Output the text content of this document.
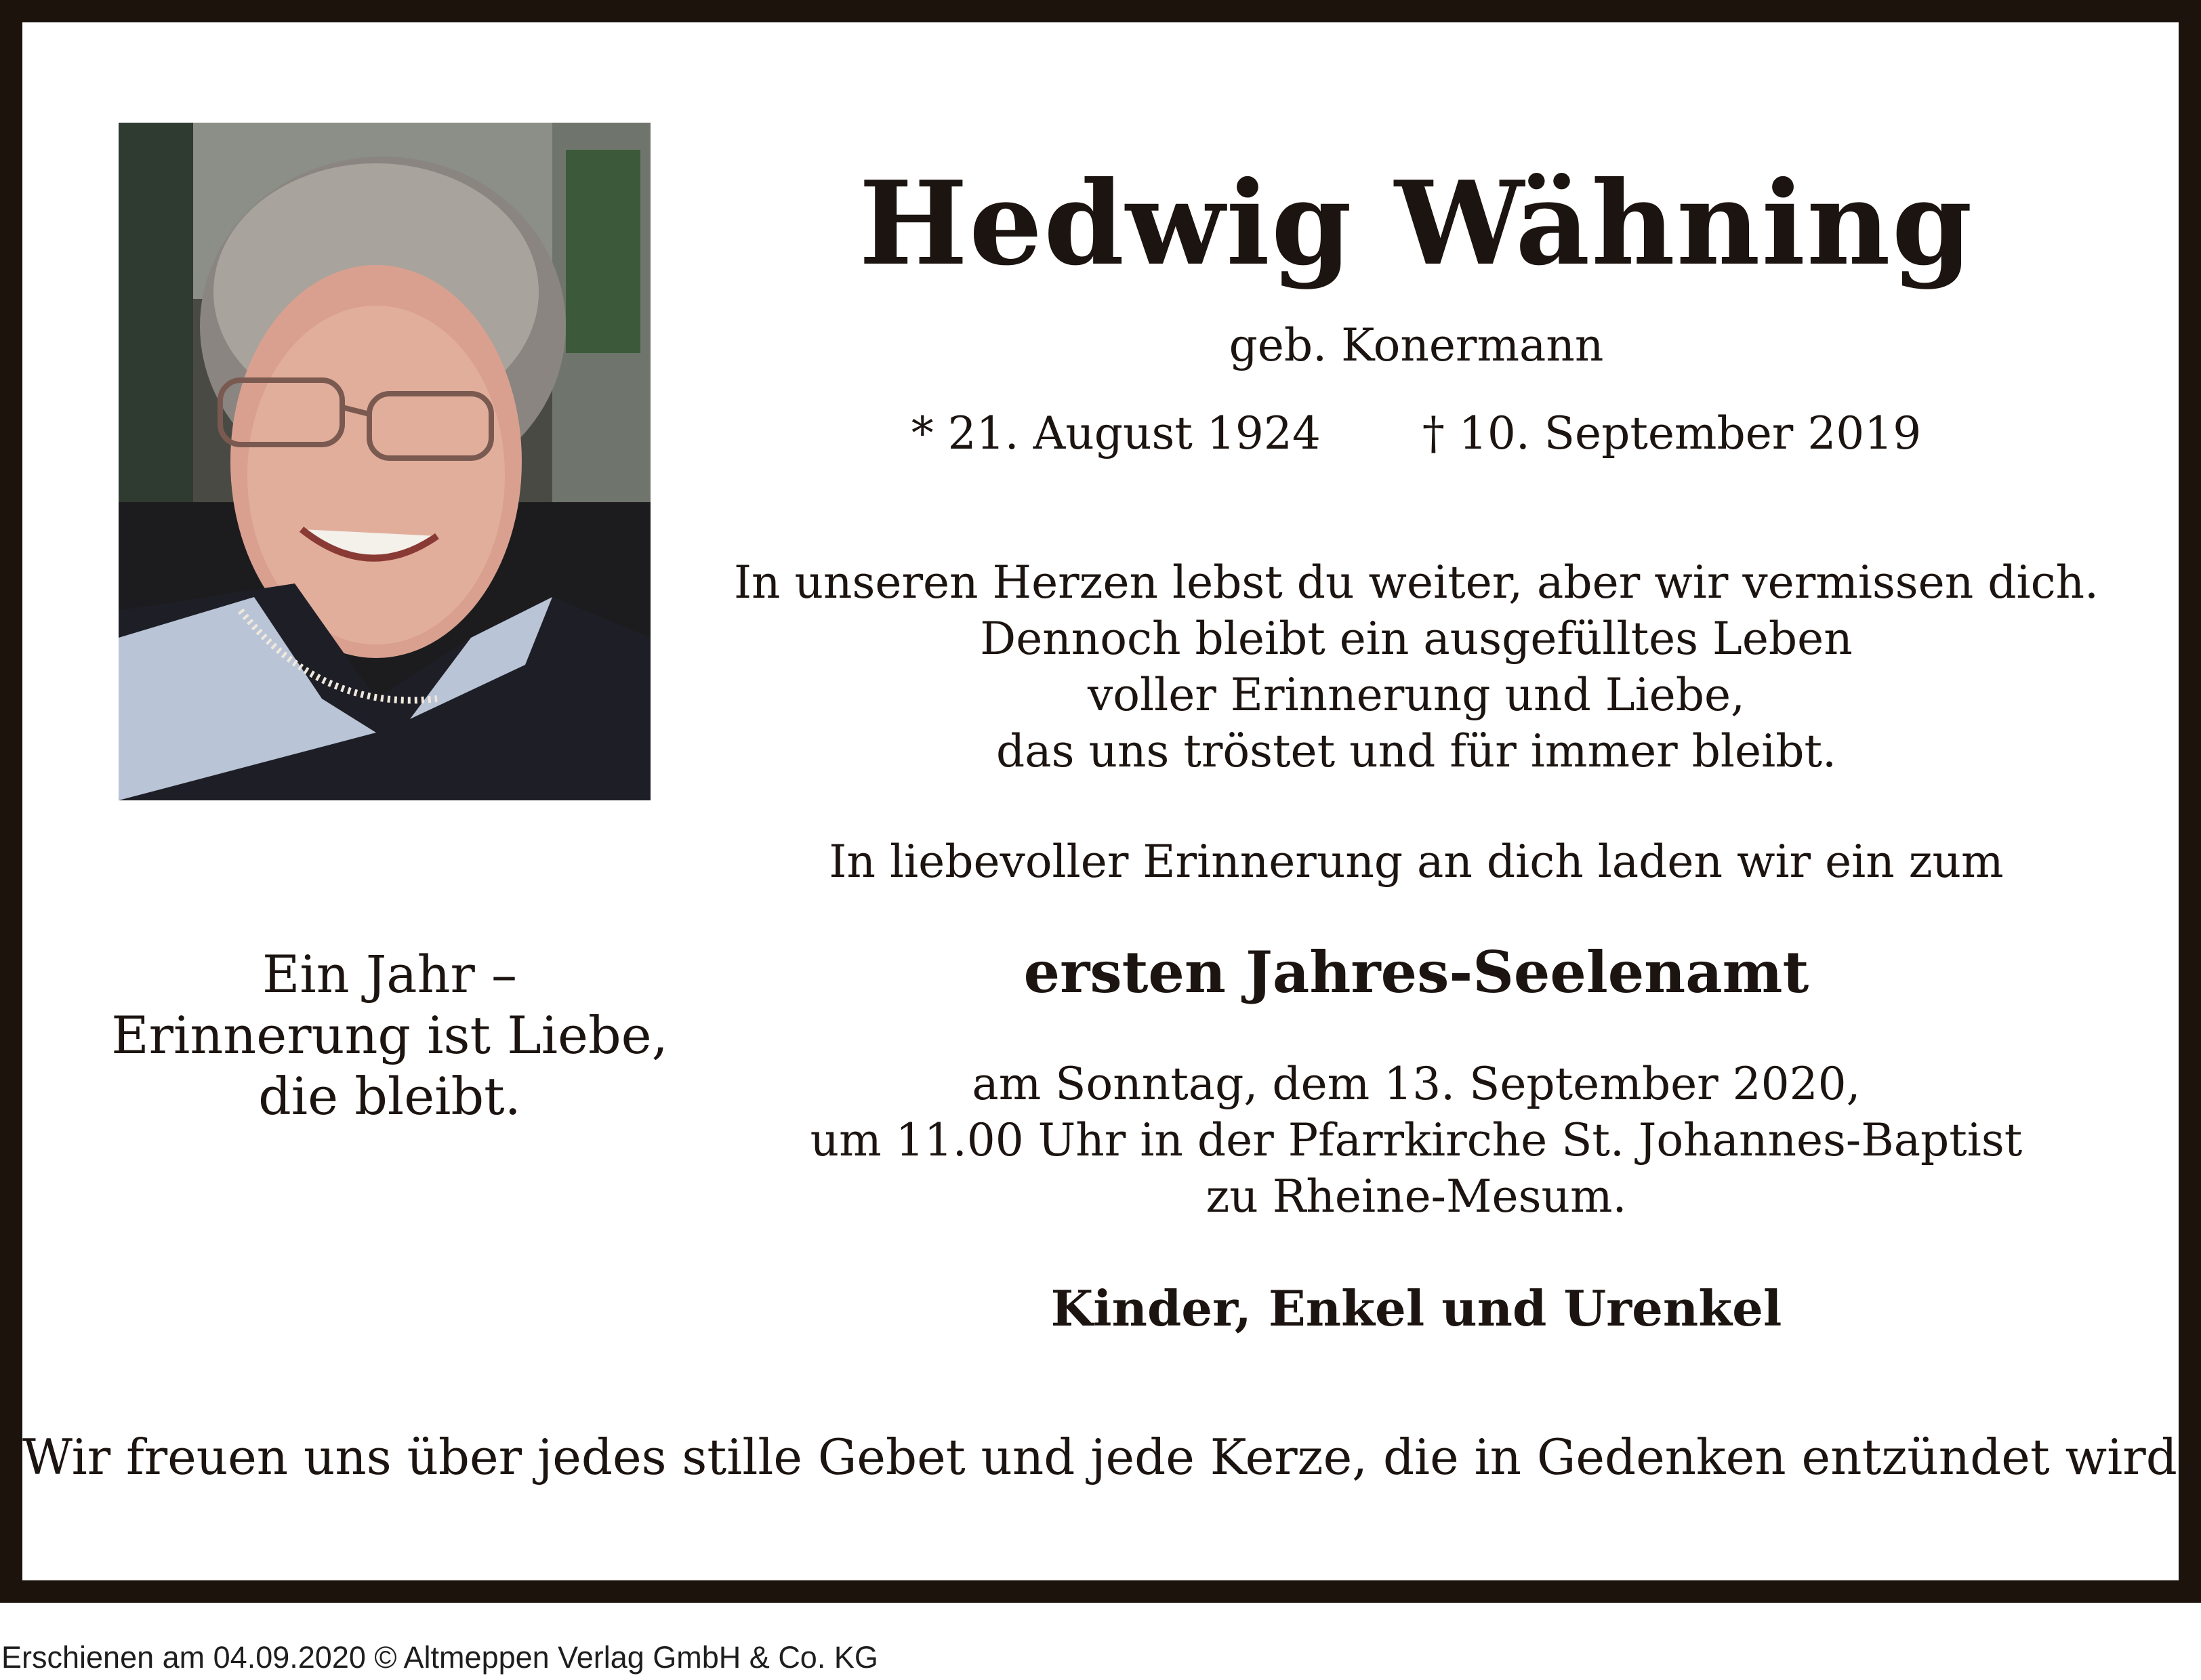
Hedwig Wähning
geb. Konermann
* 21. August 1924 † 10. September 2019
In unseren Herzen lebst du weiter, aber wir vermissen dich.
Dennoch bleibt ein ausgefülltes Leben
voller Erinnerung und Liebe,
das uns tröstet und für immer bleibt.
In liebevoller Erinnerung an dich laden wir ein zum
ersten Jahres-Seelenamt
am Sonntag, dem 13. September 2020,
um 11.00 Uhr in der Pfarrkirche St. Johannes-Baptist
zu Rheine-Mesum.
Kinder, Enkel und Urenkel
Ein Jahr –
Erinnerung ist Liebe,
die bleibt.
Wir freuen uns über jedes stille Gebet und jede Kerze, die in Gedenken entzündet wird.
Erschienen am 04.09.2020 © Altmeppen Verlag GmbH & Co. KG
